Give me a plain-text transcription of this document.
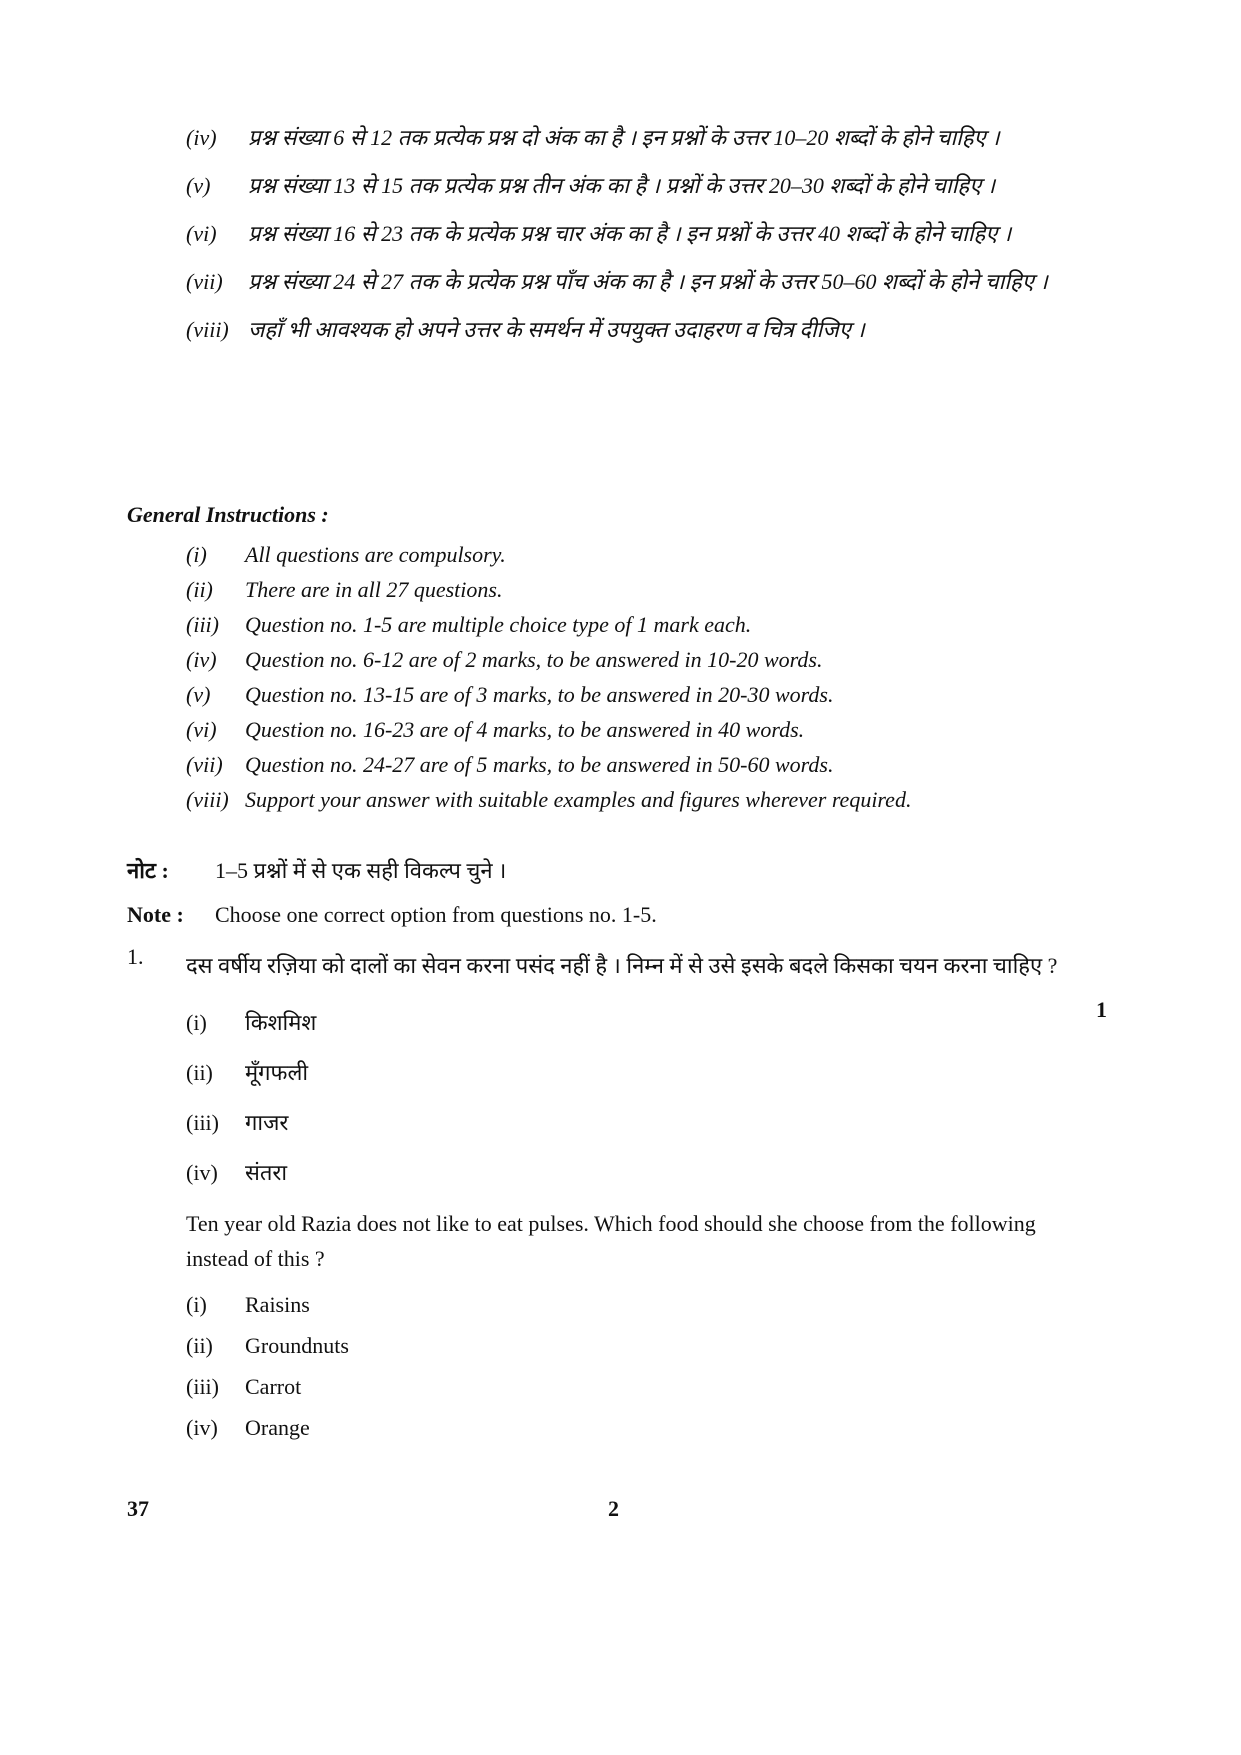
(iv)	प्रश्न संख्या 6 से 12 तक प्रत्येक प्रश्न दो अंक का है । इन प्रश्नों के उत्तर 10–20 शब्दों के होने चाहिए ।
(v)	प्रश्न संख्या 13 से 15 तक प्रत्येक प्रश्न तीन अंक का है । प्रश्नों के उत्तर 20–30 शब्दों के होने चाहिए ।
(vi)	प्रश्न संख्या 16 से 23 तक के प्रत्येक प्रश्न चार अंक का है । इन प्रश्नों के उत्तर 40 शब्दों के होने चाहिए ।
(vii)	प्रश्न संख्या 24 से 27 तक के प्रत्येक प्रश्न पाँच अंक का है । इन प्रश्नों के उत्तर 50–60 शब्दों के होने चाहिए ।
(viii) जहाँ भी आवश्यक हो अपने उत्तर के समर्थन में उपयुक्त उदाहरण व चित्र दीजिए ।
General Instructions :
(i)	All questions are compulsory.
(ii)	There are in all 27 questions.
(iii)	Question no. 1-5 are multiple choice type of 1 mark each.
(iv)	Question no. 6-12 are of 2 marks, to be answered in 10-20 words.
(v)	Question no. 13-15 are of 3 marks, to be answered in 20-30 words.
(vi)	Question no. 16-23 are of 4 marks, to be answered in 40 words.
(vii)	Question no. 24-27 are of 5 marks, to be answered in 50-60 words.
(viii) Support your answer with suitable examples and figures wherever required.
नोट :	1–5 प्रश्नों में से एक सही विकल्प चुने ।
Note :	Choose one correct option from questions no. 1-5.
1.	दस वर्षीय रज़िया को दालों का सेवन करना पसंद नहीं है । निम्न में से उसे इसके बदले किसका चयन करना चाहिए ?
1
(i)	किशमिश
(ii)	मूँगफली
(iii)	गाजर
(iv)	संतरा
Ten year old Razia does not like to eat pulses. Which food should she choose from the following instead of this ?
(i)	Raisins
(ii)	Groundnuts
(iii)	Carrot
(iv)	Orange
37	2
